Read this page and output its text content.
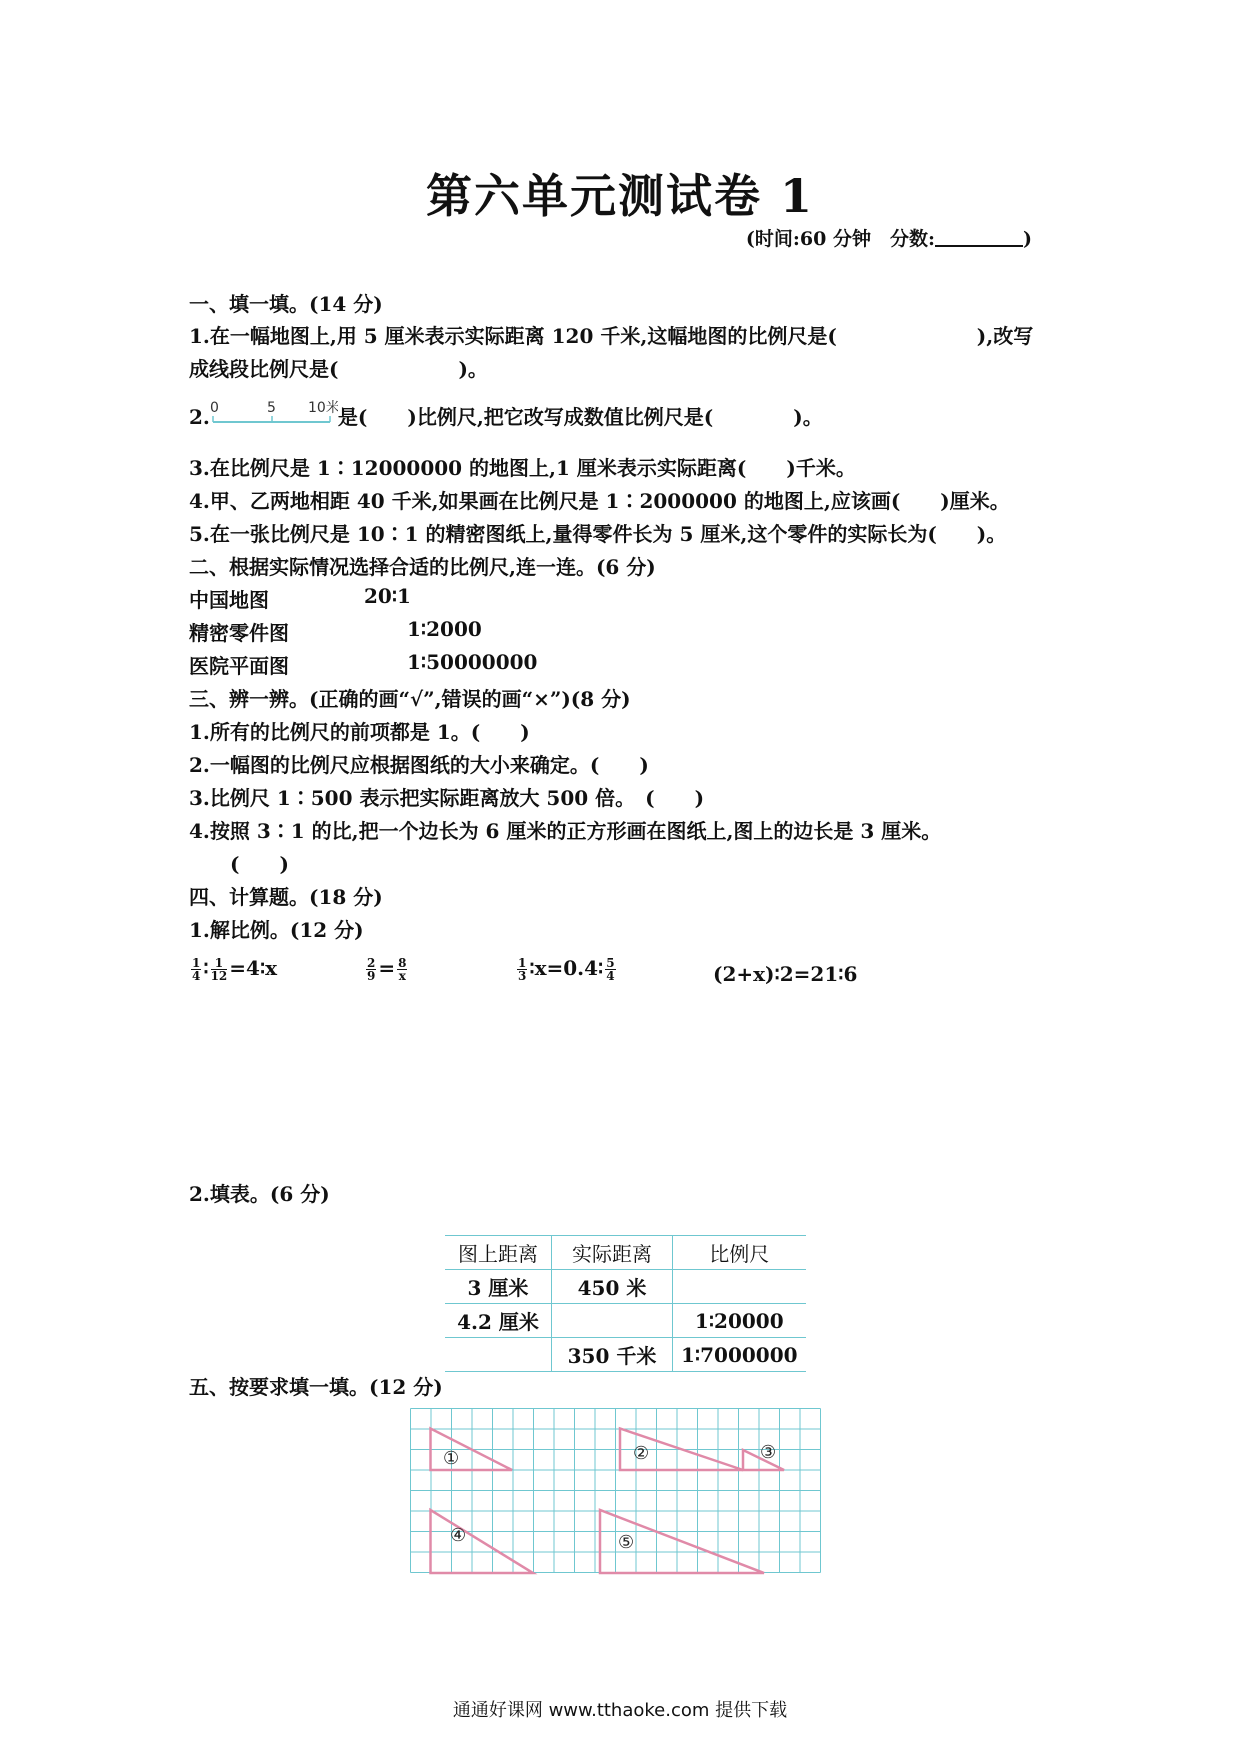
第六单元测试卷 1
(时间:60 分钟　分数:	)
一、填一填。(14 分)
1.在一幅地图上,用 5 厘米表示实际距离 120 千米,这幅地图的比例尺是(	),改写
成线段比例尺是(　　　　　　)。
2. 0	5 10米
是(　　)比例尺,把它改写成数值比例尺是(　　　　)。
3.在比例尺是 1∶12000000 的地图上,1 厘米表示实际距离(　　)千米。
4.甲、乙两地相距 40 千米,如果画在比例尺是 1∶2000000 的地图上,应该画(　　)厘米。
5.在一张比例尺是 10∶1 的精密图纸上,量得零件长为 5 厘米,这个零件的实际长为(　　)。
二、根据实际情况选择合适的比例尺,连一连。(6 分)
中国地图	20∶1
精密零件图	1∶2000
医院平面图	1∶50000000
三、辨一辨。(正确的画“√”,错误的画“×”)(8 分)
1.所有的比例尺的前项都是 1。(　　)
2.一幅图的比例尺应根据图纸的大小来确定。(　　)
3.比例尺 1∶500 表示把实际距离放大 500 倍。　(　　)
4.按照 3∶1 的比,把一个边长为 6 厘米的正方形画在图纸上,图上的边长是 3 厘米。
(　　)
四、计算题。(18 分)
1.解比例。(12 分)
$\frac{1}{4}$ ∶ $\frac{1}{12}$ =4∶x	$\frac{2}{9} = \frac{8}{x}$	$\frac{1}{3}$ ∶x=0.4∶ $\frac{5}{4}$	(2+x)∶2=21∶6
2.填表。(6 分)
图上距离	实际距离	比例尺
3 厘米	450 米	
4.2 厘米		1∶20000
	350 千米	1∶7000000
五、按要求填一填。(12 分)
①	②	③
④	⑤
通通好课网 www.tthaoke.com 提供下载
